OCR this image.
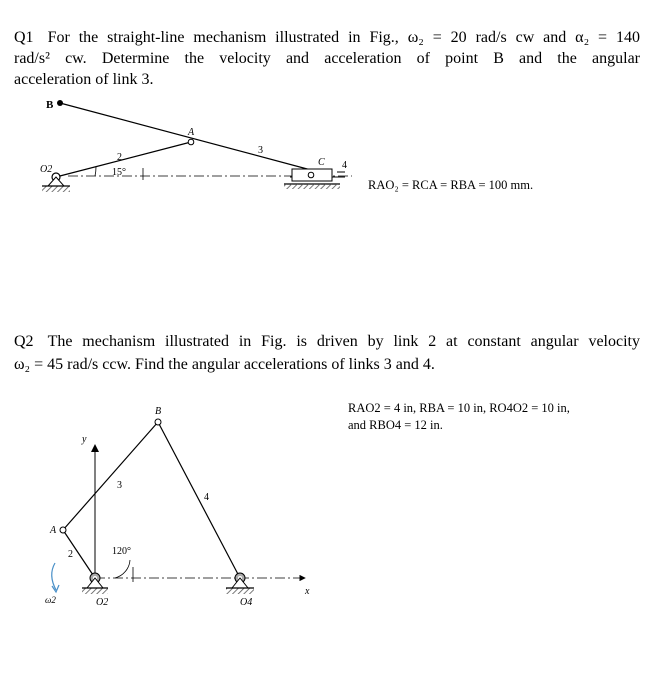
Q1 For the straight-line mechanism illustrated in Fig., ω₂ = 20 rad/s cw and α₂ = 140
rad/s² cw. Determine the velocity and acceleration of point B and the angular
acceleration of link 3.
B
A
C
O2
2
3
4
15°
RAO₂ = RCA = RBA = 100 mm.
Q2 The mechanism illustrated in Fig. is driven by link 2 at constant angular velocity
ω₂ = 45 rad/s ccw. Find the angular accelerations of links 3 and 4.
B
A
y
x
O2	O4
2
3
4
120°
ω2
RAO2 = 4 in, RBA = 10 in, RO4O2 = 10 in,
and RBO4 = 12 in.
